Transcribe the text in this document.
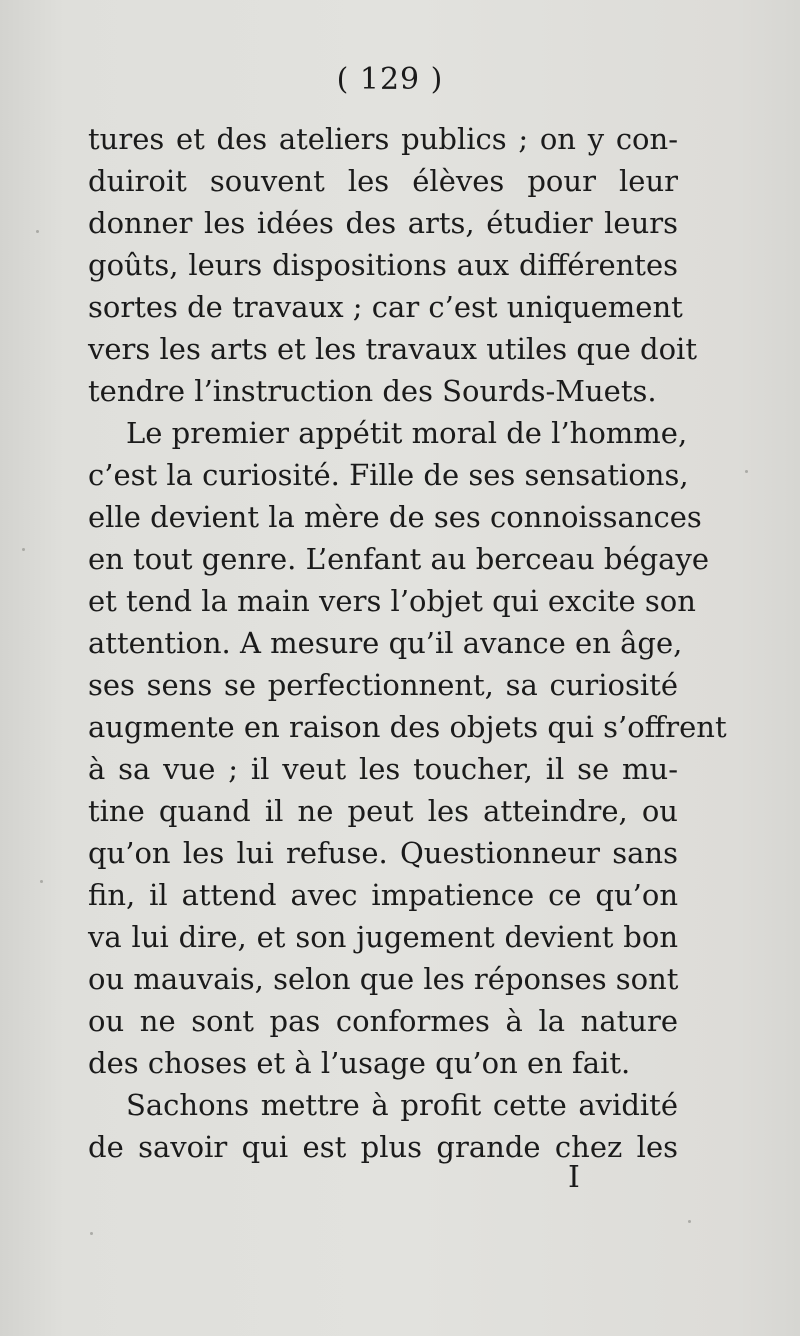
( 129 )
tures et des ateliers publics ; on y con-
duiroit souvent les élèves pour leur
donner les idées des arts, étudier leurs
goûts, leurs dispositions aux différentes
sortes de travaux ; car c’est uniquement
vers les arts et les travaux utiles que doit
tendre l’instruction des Sourds-Muets.
Le premier appétit moral de l’homme,
c’est la curiosité. Fille de ses sensations,
elle devient la mère de ses connoissances
en tout genre. L’enfant au berceau bégaye
et tend la main vers l’objet qui excite son
attention. A mesure qu’il avance en âge,
ses sens se perfectionnent, sa curiosité
augmente en raison des objets qui s’offrent
à sa vue ; il veut les toucher, il se mu-
tine quand il ne peut les atteindre, ou
qu’on les lui refuse. Questionneur sans
fin, il attend avec impatience ce qu’on
va lui dire, et son jugement devient bon
ou mauvais, selon que les réponses sont
ou ne sont pas conformes à la nature
des choses et à l’usage qu’on en fait.
Sachons mettre à profit cette avidité
de savoir qui est plus grande chez les
I
